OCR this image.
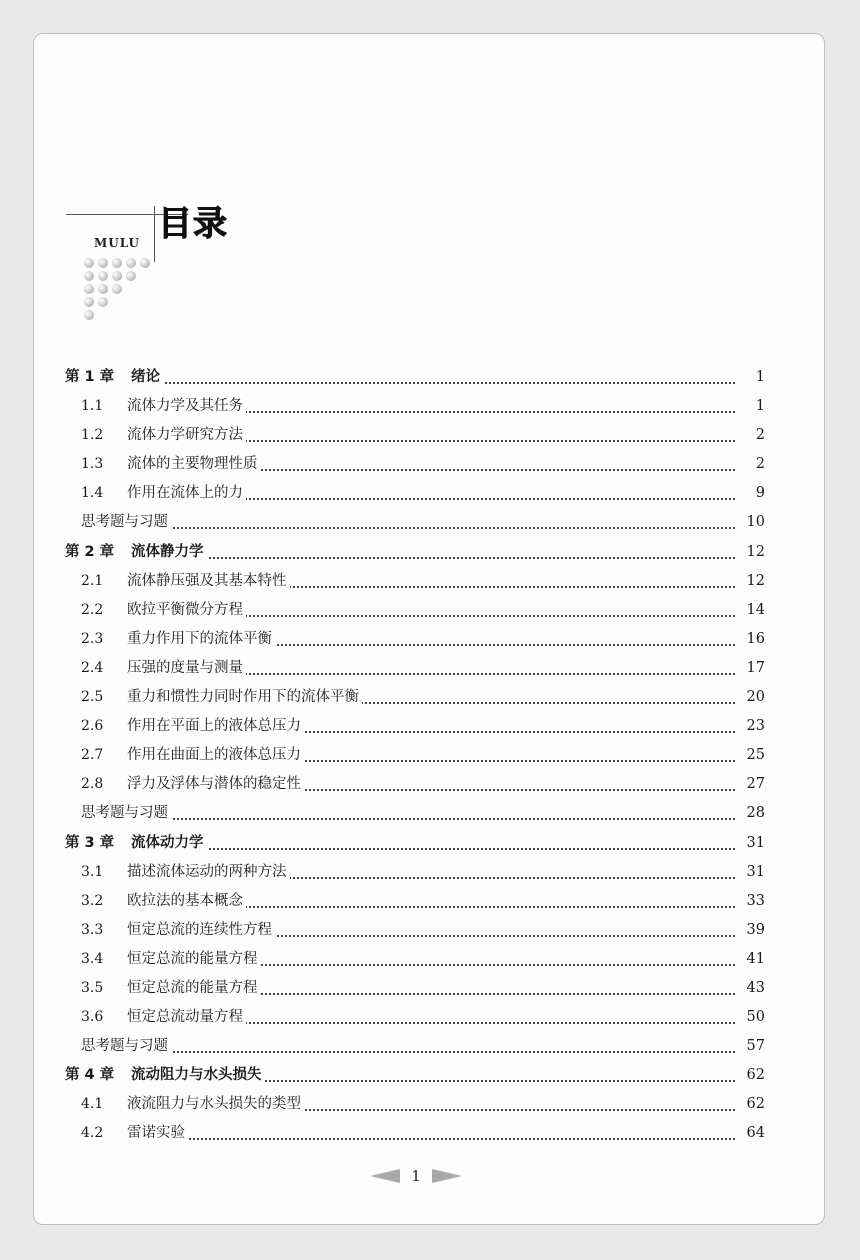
目录
MULU
第 1 章 绪论	1
1.1 流体力学及其任务	1
1.2 流体力学研究方法	2
1.3 流体的主要物理性质	2
1.4 作用在流体上的力	9
思考题与习题	10
第 2 章 流体静力学	12
2.1 流体静压强及其基本特性	12
2.2 欧拉平衡微分方程	14
2.3 重力作用下的流体平衡	16
2.4 压强的度量与测量	17
2.5 重力和惯性力同时作用下的流体平衡	20
2.6 作用在平面上的液体总压力	23
2.7 作用在曲面上的液体总压力	25
2.8 浮力及浮体与潜体的稳定性	27
思考题与习题	28
第 3 章 流体动力学	31
3.1 描述流体运动的两种方法	31
3.2 欧拉法的基本概念	33
3.3 恒定总流的连续性方程	39
3.4 恒定总流的能量方程	41
3.5 恒定总流的能量方程	43
3.6 恒定总流动量方程	50
思考题与习题	57
第 4 章 流动阻力与水头损失	62
4.1 液流阻力与水头损失的类型	62
4.2 雷诺实验	64
1
